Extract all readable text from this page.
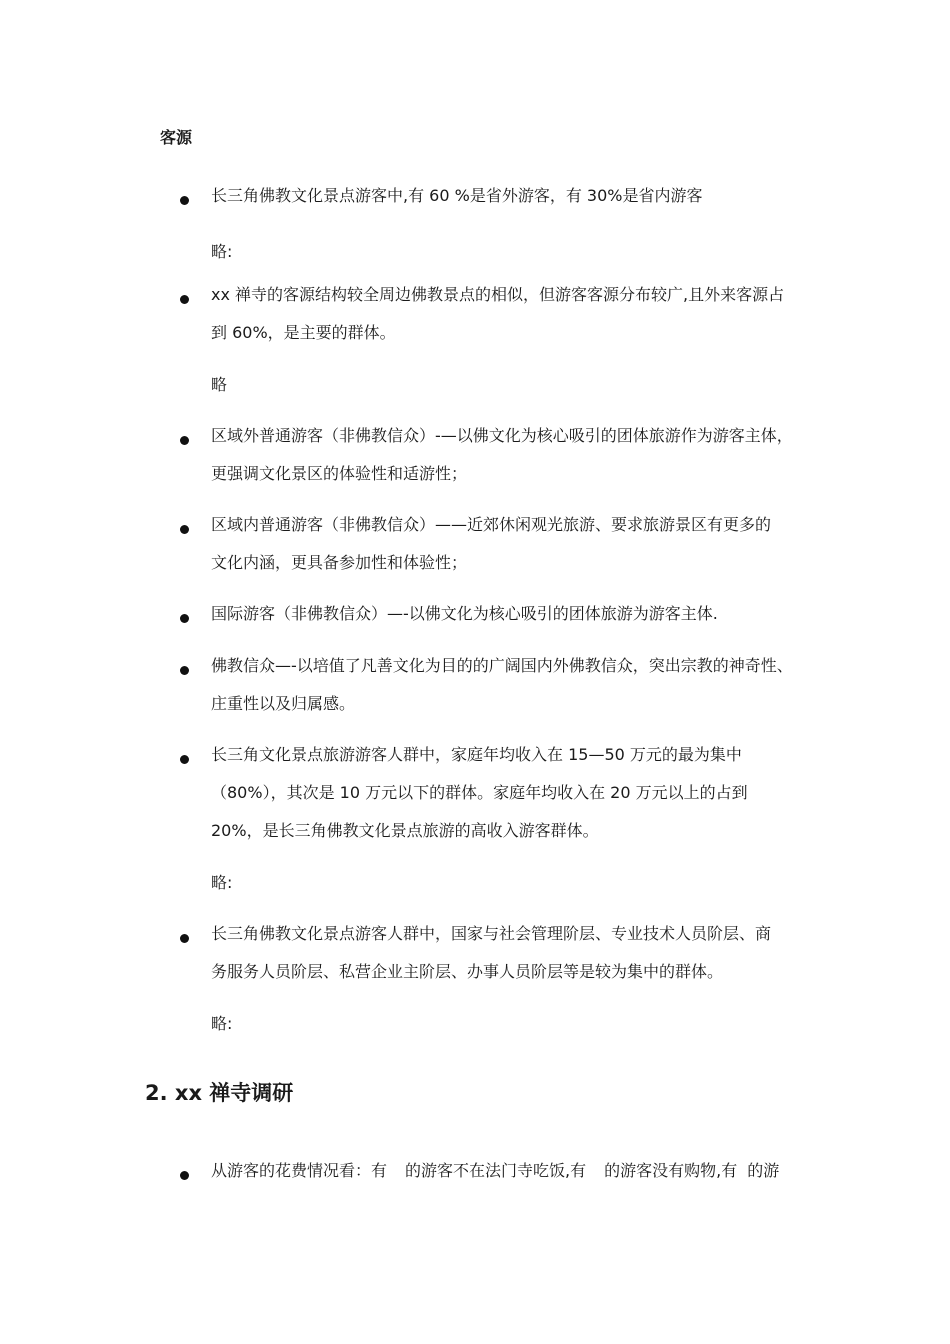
客源

长三角佛教文化景点游客中,有 60 %是省外游客，有 30%是省内游客

略:

xx 禅寺的客源结构较全周边佛教景点的相似，但游客客源分布较广,且外来客源占
到 60%，是主要的群体。

略

区域外普通游客（非佛教信众）-—以佛文化为核心吸引的团体旅游作为游客主体，
更强调文化景区的体验性和适游性；

区域内普通游客（非佛教信众）——近郊休闲观光旅游、要求旅游景区有更多的
文化内涵，更具备参加性和体验性；

国际游客（非佛教信众）—-以佛文化为核心吸引的团体旅游为游客主体.

佛教信众—-以培值了凡善文化为目的的广阔国内外佛教信众，突出宗教的神奇性、
庄重性以及归属感。

长三角文化景点旅游游客人群中，家庭年均收入在 15—50 万元的最为集中
（80%），其次是 10 万元以下的群体。家庭年均收入在 20 万元以上的占到
20%，是长三角佛教文化景点旅游的高收入游客群体。

略:

长三角佛教文化景点游客人群中，国家与社会管理阶层、专业技术人员阶层、商
务服务人员阶层、私营企业主阶层、办事人员阶层等是较为集中的群体。

略:

2. xx 禅寺调研

从游客的花费情况看：有 的游客不在法门寺吃饭,有 的游客没有购物,有 的游
